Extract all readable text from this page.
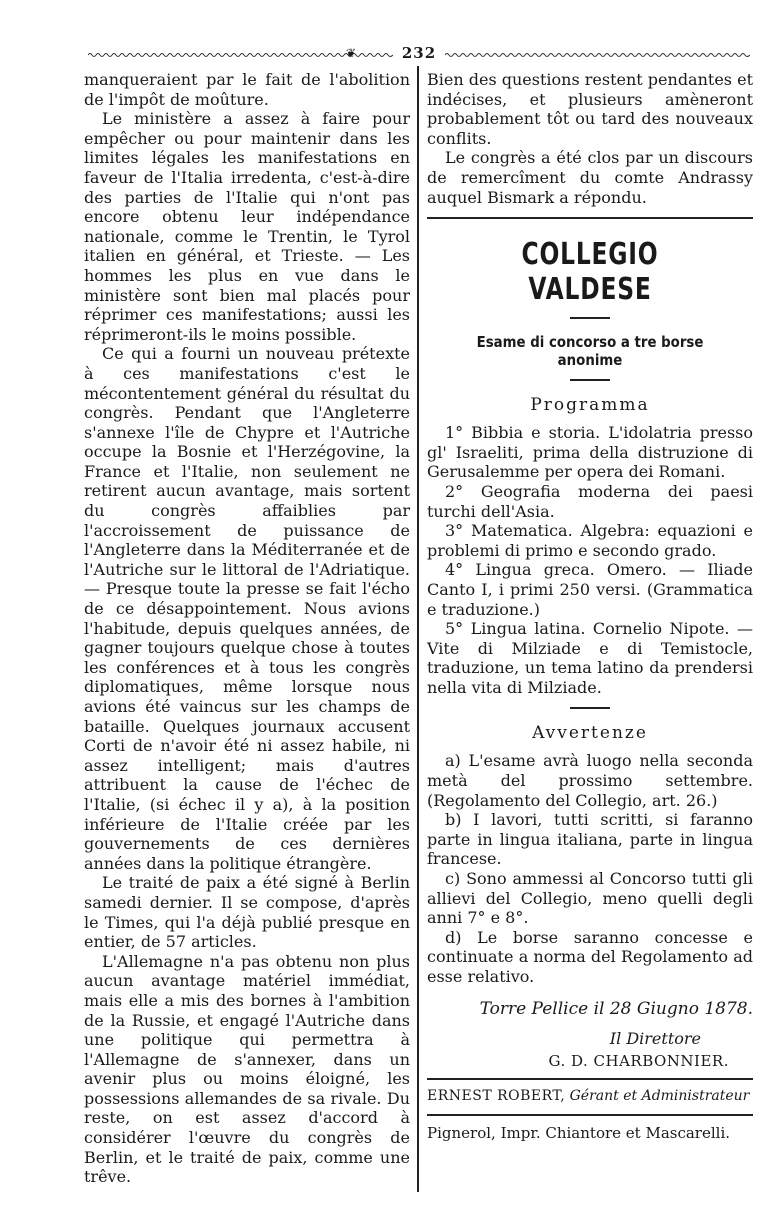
❦	232

manqueraient par le fait de l'abolition de l'impôt de moûture.

Le ministère a assez à faire pour empêcher ou pour maintenir dans les limites légales les manifestations en faveur de l'Italia irredenta, c'est-à-dire des parties de l'Italie qui n'ont pas encore obtenu leur indépendance nationale, comme le Trentin, le Tyrol italien en général, et Trieste. — Les hommes les plus en vue dans le ministère sont bien mal placés pour réprimer ces manifestations; aussi les réprimeront-ils le moins possible.

Ce qui a fourni un nouveau prétexte à ces manifestations c'est le mécontentement général du résultat du congrès. Pendant que l'Angleterre s'annexe l'île de Chypre et l'Autriche occupe la Bosnie et l'Herzégovine, la France et l'Italie, non seulement ne retirent aucun avantage, mais sortent du congrès affaiblies par l'accroissement de puissance de l'Angleterre dans la Méditerranée et de l'Autriche sur le littoral de l'Adriatique. — Presque toute la presse se fait l'écho de ce désappointement. Nous avions l'habitude, depuis quelques années, de gagner toujours quelque chose à toutes les conférences et à tous les congrès diplomatiques, même lorsque nous avions été vaincus sur les champs de bataille. Quelques journaux accusent Corti de n'avoir été ni assez habile, ni assez intelligent; mais d'autres attribuent la cause de l'échec de l'Italie, (si échec il y a), à la position inférieure de l'Italie créée par les gouvernements de ces dernières années dans la politique étrangère.

Le traité de paix a été signé à Berlin samedi dernier. Il se compose, d'après le Times, qui l'a déjà publié presque en entier, de 57 articles.

L'Allemagne n'a pas obtenu non plus aucun avantage matériel immédiat, mais elle a mis des bornes à l'ambition de la Russie, et engagé l'Autriche dans une politique qui permettra à l'Allemagne de s'annexer, dans un avenir plus ou moins éloigné, les possessions allemandes de sa rivale. Du reste, on est assez d'accord à considérer l'œuvre du congrès de Berlin, et le traité de paix, comme une trêve.

Bien des questions restent pendantes et indécises, et plusieurs amèneront probablement tôt ou tard des nouveaux conflits.

Le congrès a été clos par un discours de remercîment du comte Andrassy auquel Bismark a répondu.

COLLEGIO VALDESE
Esame di concorso a tre borse anonime
Programma

1° Bibbia e storia. L'idolatria presso gl' Israeliti, prima della distruzione di Gerusalemme per opera dei Romani.

2° Geografia moderna dei paesi turchi dell'Asia.

3° Matematica. Algebra: equazioni e problemi di primo e secondo grado.

4° Lingua greca. Omero. — Iliade Canto I, i primi 250 versi. (Grammatica e traduzione.)

5° Lingua latina. Cornelio Nipote. — Vite di Milziade e di Temistocle, traduzione, un tema latino da prendersi nella vita di Milziade.

Avvertenze

a) L'esame avrà luogo nella seconda metà del prossimo settembre. (Regolamento del Collegio, art. 26.)

b) I lavori, tutti scritti, si faranno parte in lingua italiana, parte in lingua francese.

c) Sono ammessi al Concorso tutti gli allievi del Collegio, meno quelli degli anni 7° e 8°.

d) Le borse saranno concesse e continuate a norma del Regolamento ad esse relativo.

Torre Pellice il 28 Giugno 1878.
Il Direttore
G. D. CHARBONNIER.
ERNEST ROBERT, Gérant et Administrateur
Pignerol, Impr. Chiantore et Mascarelli.
